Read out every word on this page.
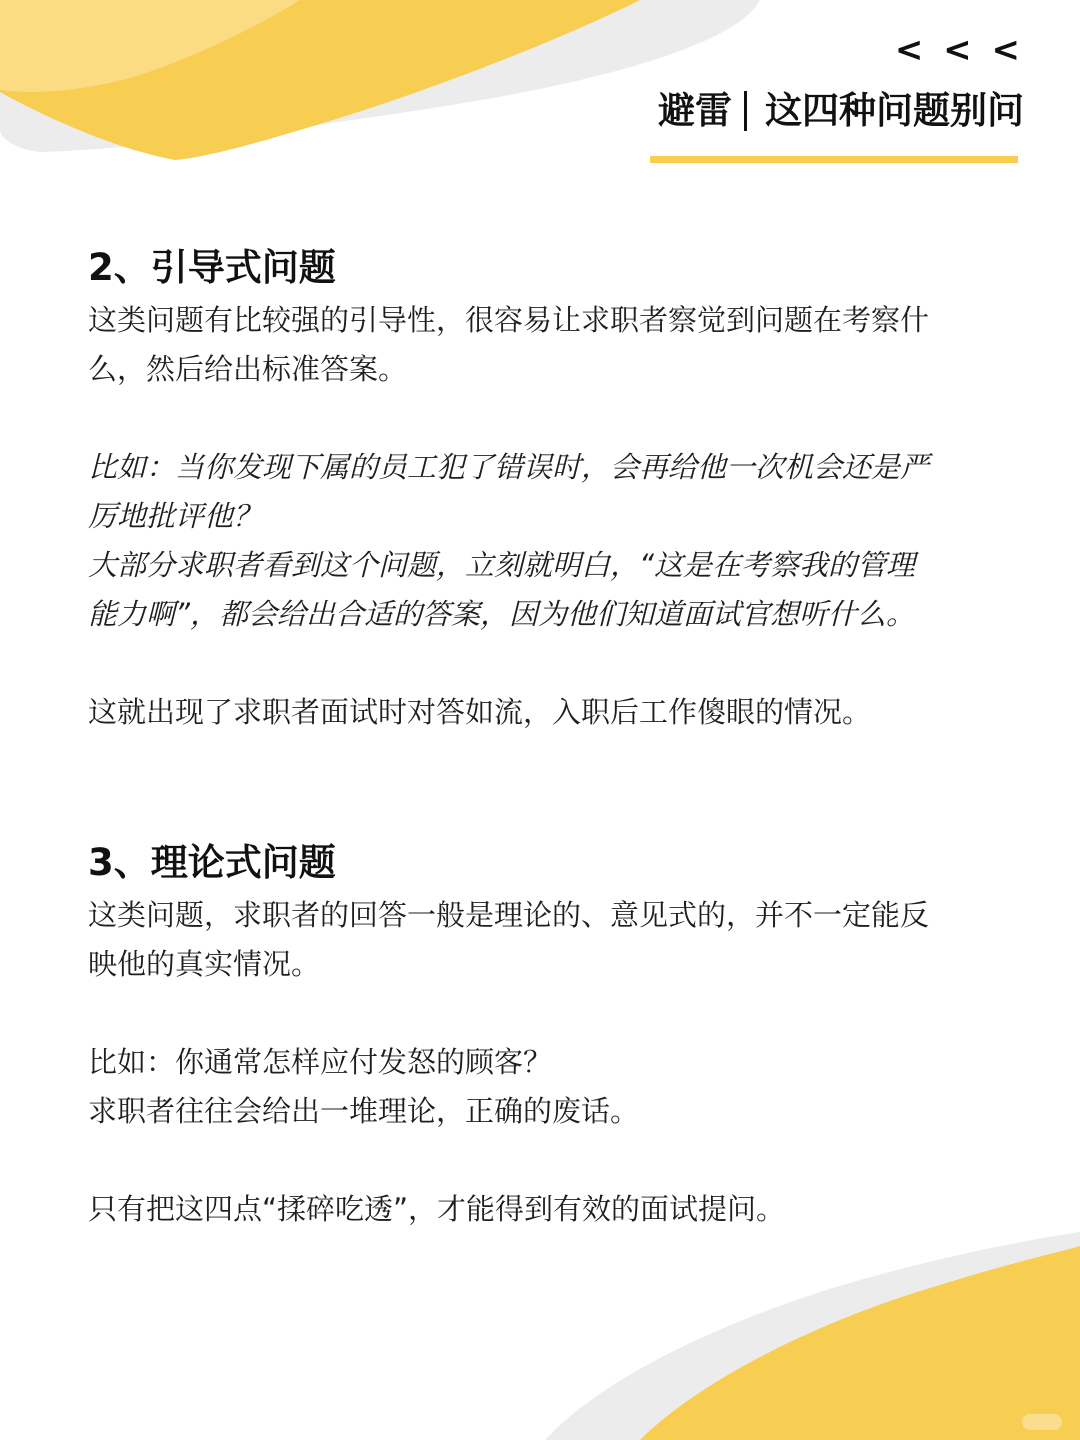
< < <
避雷 这四种问题别问
2、引导式问题

这类问题有比较强的引导性，很容易让求职者察觉到问题在考察什

么，然后给出标准答案。

比如：当你发现下属的员工犯了错误时，会再给他一次机会还是严

厉地批评他？

大部分求职者看到这个问题，立刻就明白，“这是在考察我的管理

能力啊”，都会给出合适的答案，因为他们知道面试官想听什么。

这就出现了求职者面试时对答如流，入职后工作傻眼的情况。

3、理论式问题

这类问题，求职者的回答一般是理论的、意见式的，并不一定能反

映他的真实情况。

比如：你通常怎样应付发怒的顾客？

求职者往往会给出一堆理论，正确的废话。

只有把这四点“揉碎吃透”，才能得到有效的面试提问。
